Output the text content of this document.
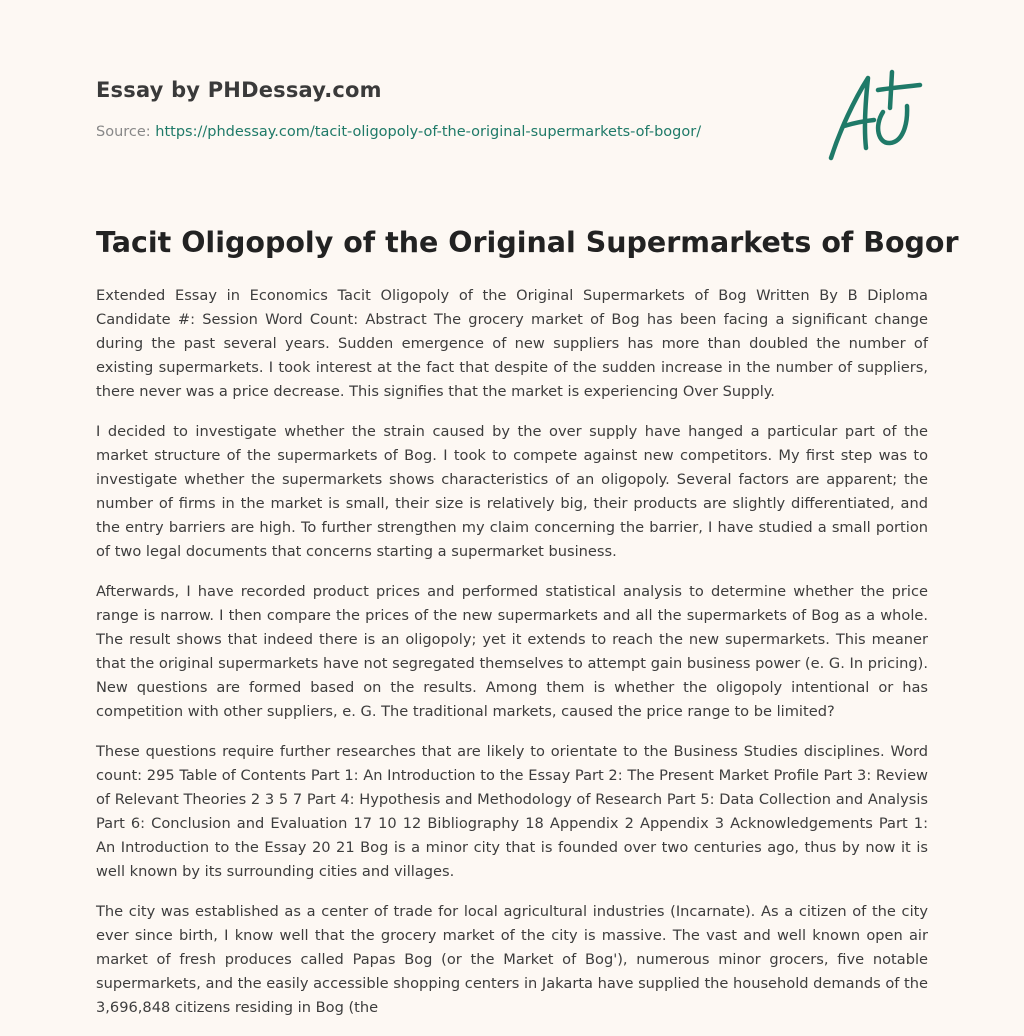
Essay by PHDessay.com
Source: https://phdessay.com/tacit-oligopoly-of-the-original-supermarkets-of-bogor/
Tacit Oligopoly of the Original Supermarkets of Bogor

Extended Essay in Economics Tacit Oligopoly of the Original Supermarkets of Bog Written By B Diploma Candidate #: Session Word Count: Abstract The grocery market of Bog has been facing a significant change during the past several years. Sudden emergence of new suppliers has more than doubled the number of existing supermarkets. I took interest at the fact that despite of the sudden increase in the number of suppliers, there never was a price decrease. This signifies that the market is experiencing Over Supply.

I decided to investigate whether the strain caused by the over supply have hanged a particular part of the market structure of the supermarkets of Bog. I took to compete against new competitors. My first step was to investigate whether the supermarkets shows characteristics of an oligopoly. Several factors are apparent; the number of firms in the market is small, their size is relatively big, their products are slightly differentiated, and the entry barriers are high. To further strengthen my claim concerning the barrier, I have studied a small portion of two legal documents that concerns starting a supermarket business.

Afterwards, I have recorded product prices and performed statistical analysis to determine whether the price range is narrow. I then compare the prices of the new supermarkets and all the supermarkets of Bog as a whole. The result shows that indeed there is an oligopoly; yet it extends to reach the new supermarkets. This meaner that the original supermarkets have not segregated themselves to attempt gain business power (e. G. In pricing). New questions are formed based on the results. Among them is whether the oligopoly intentional or has competition with other suppliers, e. G. The traditional markets, caused the price range to be limited?

These questions require further researches that are likely to orientate to the Business Studies disciplines. Word count: 295 Table of Contents Part 1: An Introduction to the Essay Part 2: The Present Market Profile Part 3: Review of Relevant Theories 2 3 5 7 Part 4: Hypothesis and Methodology of Research Part 5: Data Collection and Analysis Part 6: Conclusion and Evaluation 17 10 12 Bibliography 18 Appendix 2 Appendix 3 Acknowledgements Part 1: An Introduction to the Essay 20 21 Bog is a minor city that is founded over two centuries ago, thus by now it is well known by its surrounding cities and villages.

The city was established as a center of trade for local agricultural industries (Incarnate). As a citizen of the city ever since birth, I know well that the grocery market of the city is massive. The vast and well known open air market of fresh produces called Papas Bog (or the Market of Bog'), numerous minor grocers, five notable supermarkets, and the easily accessible shopping centers in Jakarta have supplied the household demands of the 3,696,848 citizens residing in Bog (the
